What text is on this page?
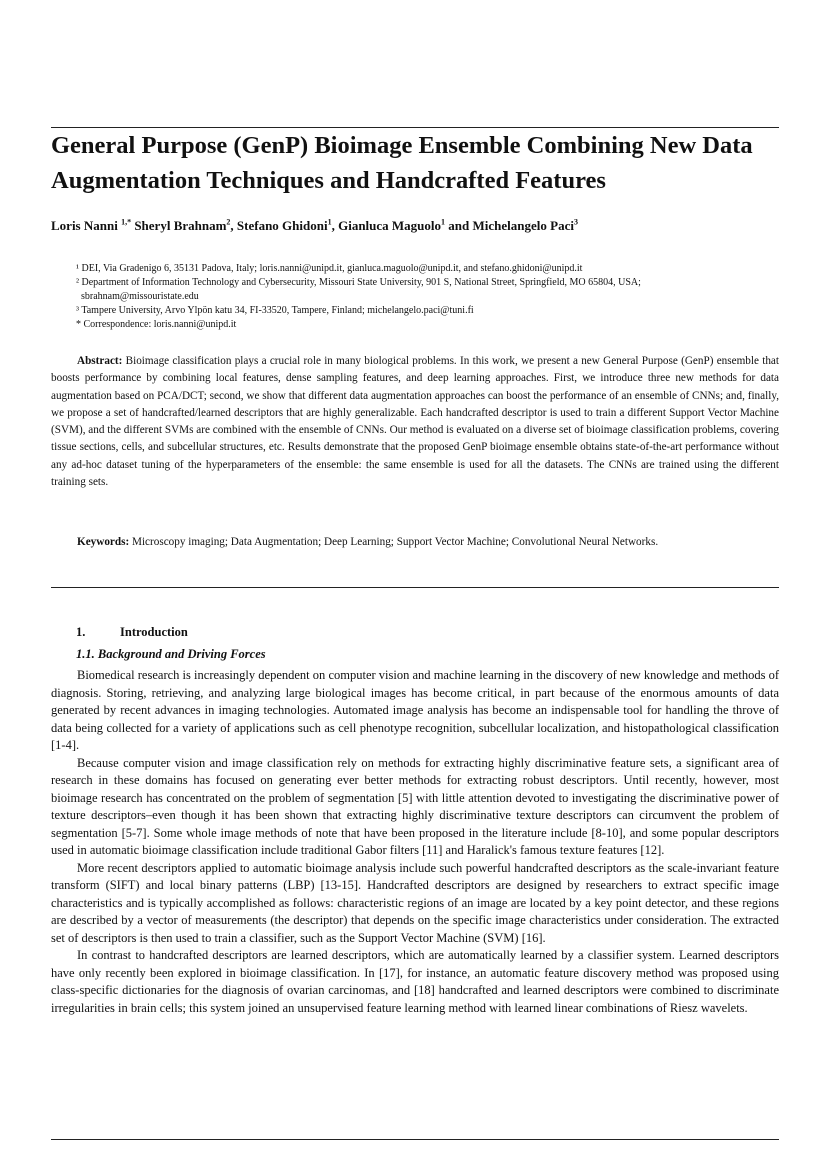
General Purpose (GenP) Bioimage Ensemble Combining New Data Augmentation Techniques and Handcrafted Features

Loris Nanni $^{1,*}$ Sheryl Brahnam$^2$, Stefano Ghidoni$^1$, Gianluca Maguolo$^1$ and Michelangelo Paci$^3$

¹ DEI, Via Gradenigo 6, 35131 Padova, Italy; loris.nanni@unipd.it, gianluca.maguolo@unipd.it, and stefano.ghidoni@unipd.it

² Department of Information Technology and Cybersecurity, Missouri State University, 901 S, National Street, Springfield, MO 65804, USA;

sbrahnam@missouristate.edu

³ Tampere University, Arvo Ylpön katu 34, FI-33520, Tampere, Finland; michelangelo.paci@tuni.fi

* Correspondence: loris.nanni@unipd.it

Abstract: Bioimage classification plays a crucial role in many biological problems. In this work, we present a new General Purpose (GenP) ensemble that boosts performance by combining local features, dense sampling features, and deep learning approaches. First, we introduce three new methods for data augmentation based on PCA/DCT; second, we show that different data augmentation approaches can boost the performance of an ensemble of CNNs; and, finally, we propose a set of handcrafted/learned descriptors that are highly generalizable. Each handcrafted descriptor is used to train a different Support Vector Machine (SVM), and the different SVMs are combined with the ensemble of CNNs. Our method is evaluated on a diverse set of bioimage classification problems, covering tissue sections, cells, and subcellular structures, etc. Results demonstrate that the proposed GenP bioimage ensemble obtains state-of-the-art performance without any ad-hoc dataset tuning of the hyperparameters of the ensemble: the same ensemble is used for all the datasets. The CNNs are trained using the different training sets.

Keywords: Microscopy imaging; Data Augmentation; Deep Learning; Support Vector Machine; Convolutional Neural Networks.

1.	Introduction
1.1. Background and Driving Forces

Biomedical research is increasingly dependent on computer vision and machine learning in the discovery of new knowledge and methods of diagnosis. Storing, retrieving, and analyzing large biological images has become critical, in part because of the enormous amounts of data generated by recent advances in imaging technologies. Automated image analysis has become an indispensable tool for handling the throve of data being collected for a variety of applications such as cell phenotype recognition, subcellular localization, and histopathological classification [1-4].

Because computer vision and image classification rely on methods for extracting highly discriminative feature sets, a significant area of research in these domains has focused on generating ever better methods for extracting robust descriptors. Until recently, however, most bioimage research has concentrated on the problem of segmentation [5] with little attention devoted to investigating the discriminative power of texture descriptors–even though it has been shown that extracting highly discriminative texture descriptors can circumvent the problem of segmentation [5-7]. Some whole image methods of note that have been proposed in the literature include [8-10], and some popular descriptors used in automatic bioimage classification include traditional Gabor filters [11] and Haralick's famous texture features [12].

More recent descriptors applied to automatic bioimage analysis include such powerful handcrafted descriptors as the scale-invariant feature transform (SIFT) and local binary patterns (LBP) [13-15]. Handcrafted descriptors are designed by researchers to extract specific image characteristics and is typically accomplished as follows: characteristic regions of an image are located by a key point detector, and these regions are described by a vector of measurements (the descriptor) that depends on the specific image characteristics under consideration. The extracted set of descriptors is then used to train a classifier, such as the Support Vector Machine (SVM) [16].

In contrast to handcrafted descriptors are learned descriptors, which are automatically learned by a classifier system. Learned descriptors have only recently been explored in bioimage classification. In [17], for instance, an automatic feature discovery method was proposed using class-specific dictionaries for the diagnosis of ovarian carcinomas, and [18] handcrafted and learned descriptors were combined to discriminate irregularities in brain cells; this system joined an unsupervised feature learning method with learned linear combinations of Riesz wavelets.
